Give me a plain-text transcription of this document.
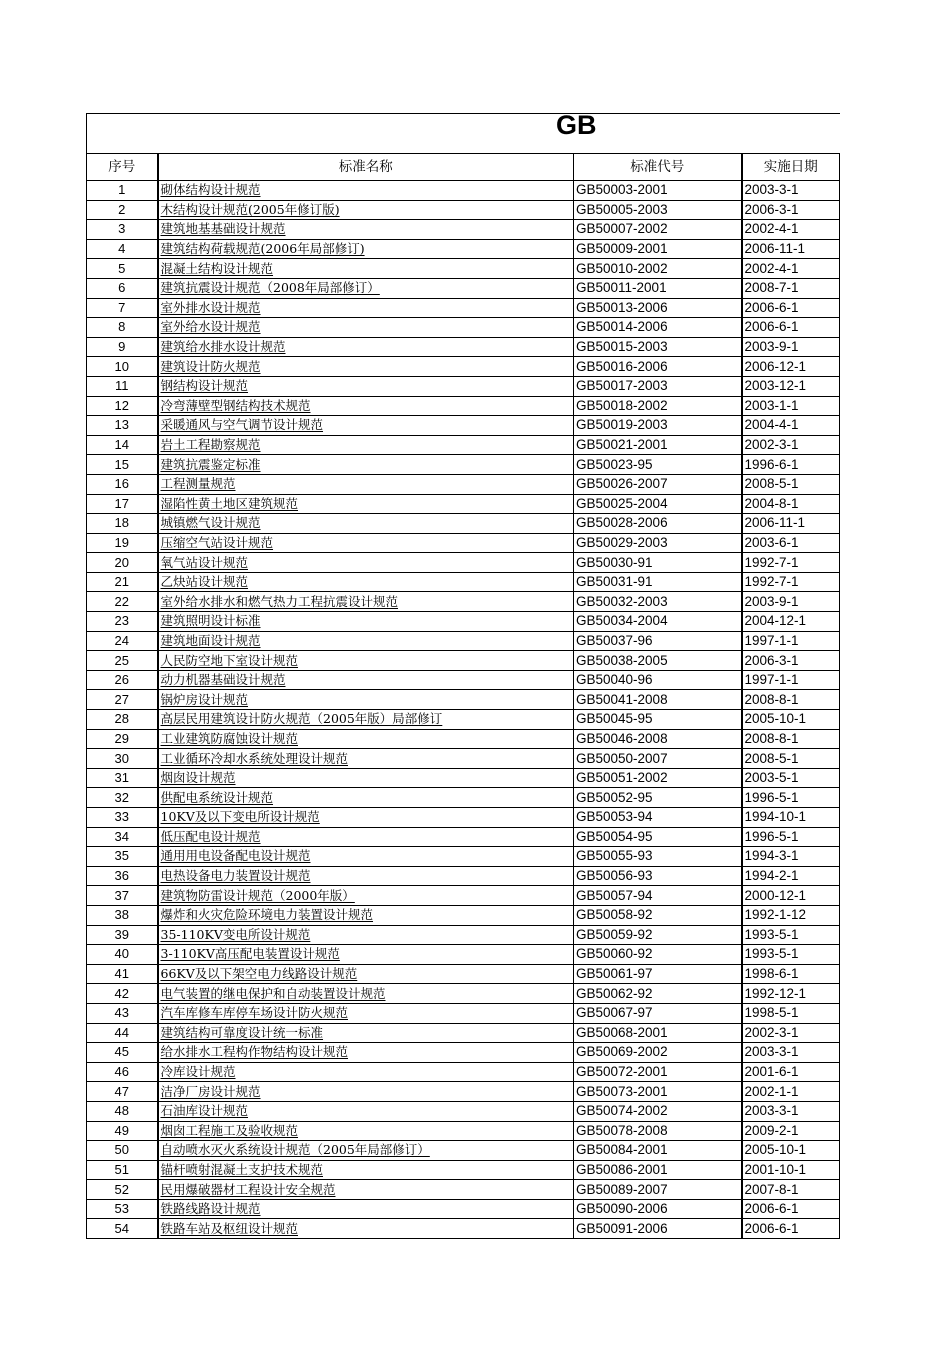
GB
序号	标准名称	标准代号	实施日期
1	砌体结构设计规范	GB50003-2001	2003-3-1
2	木结构设计规范(2005年修订版)	GB50005-2003	2006-3-1
3	建筑地基基础设计规范	GB50007-2002	2002-4-1
4	建筑结构荷载规范(2006年局部修订)	GB50009-2001	2006-11-1
5	混凝土结构设计规范	GB50010-2002	2002-4-1
6	建筑抗震设计规范（2008年局部修订）	GB50011-2001	2008-7-1
7	室外排水设计规范	GB50013-2006	2006-6-1
8	室外给水设计规范	GB50014-2006	2006-6-1
9	建筑给水排水设计规范	GB50015-2003	2003-9-1
10	建筑设计防火规范	GB50016-2006	2006-12-1
11	钢结构设计规范	GB50017-2003	2003-12-1
12	冷弯薄壁型钢结构技术规范	GB50018-2002	2003-1-1
13	采暖通风与空气调节设计规范	GB50019-2003	2004-4-1
14	岩土工程勘察规范	GB50021-2001	2002-3-1
15	建筑抗震鉴定标准	GB50023-95	1996-6-1
16	工程测量规范	GB50026-2007	2008-5-1
17	湿陷性黄土地区建筑规范	GB50025-2004	2004-8-1
18	城镇燃气设计规范	GB50028-2006	2006-11-1
19	压缩空气站设计规范	GB50029-2003	2003-6-1
20	氧气站设计规范	GB50030-91	1992-7-1
21	乙炔站设计规范	GB50031-91	1992-7-1
22	室外给水排水和燃气热力工程抗震设计规范	GB50032-2003	2003-9-1
23	建筑照明设计标准	GB50034-2004	2004-12-1
24	建筑地面设计规范	GB50037-96	1997-1-1
25	人民防空地下室设计规范	GB50038-2005	2006-3-1
26	动力机器基础设计规范	GB50040-96	1997-1-1
27	锅炉房设计规范	GB50041-2008	2008-8-1
28	高层民用建筑设计防火规范（2005年版）局部修订	GB50045-95	2005-10-1
29	工业建筑防腐蚀设计规范	GB50046-2008	2008-8-1
30	工业循环冷却水系统处理设计规范	GB50050-2007	2008-5-1
31	烟囱设计规范	GB50051-2002	2003-5-1
32	供配电系统设计规范	GB50052-95	1996-5-1
33	10KV及以下变电所设计规范	GB50053-94	1994-10-1
34	低压配电设计规范	GB50054-95	1996-5-1
35	通用用电设备配电设计规范	GB50055-93	1994-3-1
36	电热设备电力装置设计规范	GB50056-93	1994-2-1
37	建筑物防雷设计规范（2000年版）	GB50057-94	2000-12-1
38	爆炸和火灾危险环境电力装置设计规范	GB50058-92	1992-1-12
39	35-110KV变电所设计规范	GB50059-92	1993-5-1
40	3-110KV高压配电装置设计规范	GB50060-92	1993-5-1
41	66KV及以下架空电力线路设计规范	GB50061-97	1998-6-1
42	电气装置的继电保护和自动装置设计规范	GB50062-92	1992-12-1
43	汽车库修车库停车场设计防火规范	GB50067-97	1998-5-1
44	建筑结构可靠度设计统一标准	GB50068-2001	2002-3-1
45	给水排水工程构作物结构设计规范	GB50069-2002	2003-3-1
46	冷库设计规范	GB50072-2001	2001-6-1
47	洁净厂房设计规范	GB50073-2001	2002-1-1
48	石油库设计规范	GB50074-2002	2003-3-1
49	烟囱工程施工及验收规范	GB50078-2008	2009-2-1
50	自动喷水灭火系统设计规范（2005年局部修订）	GB50084-2001	2005-10-1
51	锚杆喷射混凝土支护技术规范	GB50086-2001	2001-10-1
52	民用爆破器材工程设计安全规范	GB50089-2007	2007-8-1
53	铁路线路设计规范	GB50090-2006	2006-6-1
54	铁路车站及枢纽设计规范	GB50091-2006	2006-6-1
